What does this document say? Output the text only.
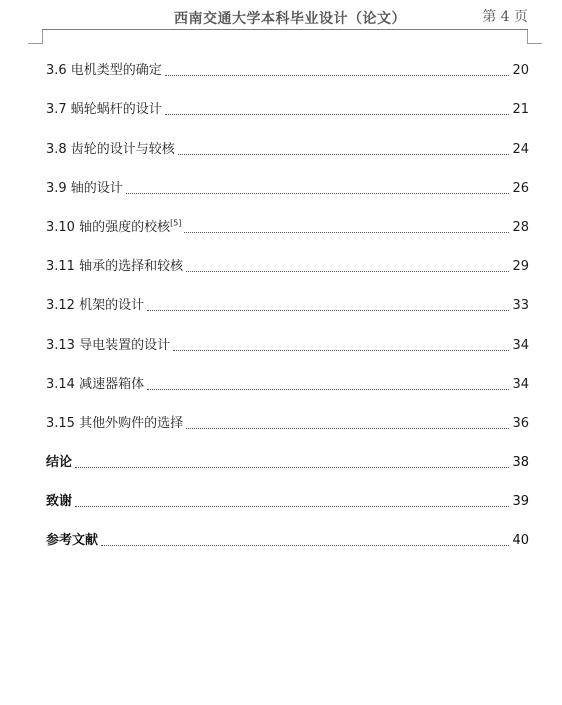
西南交通大学本科毕业设计（论文）	第 4 页
3.6 电机类型的确定	20
3.7 蜗轮蜗杆的设计	21
3.8 齿轮的设计与较核	24
3.9 轴的设计	26
3.10 轴的强度的校核[5]	28
3.11 轴承的选择和较核	29
3.12 机架的设计	33
3.13 导电装置的设计	34
3.14 减速器箱体	34
3.15 其他外购件的选择	36
结论	38
致谢	39
参考文献	40
